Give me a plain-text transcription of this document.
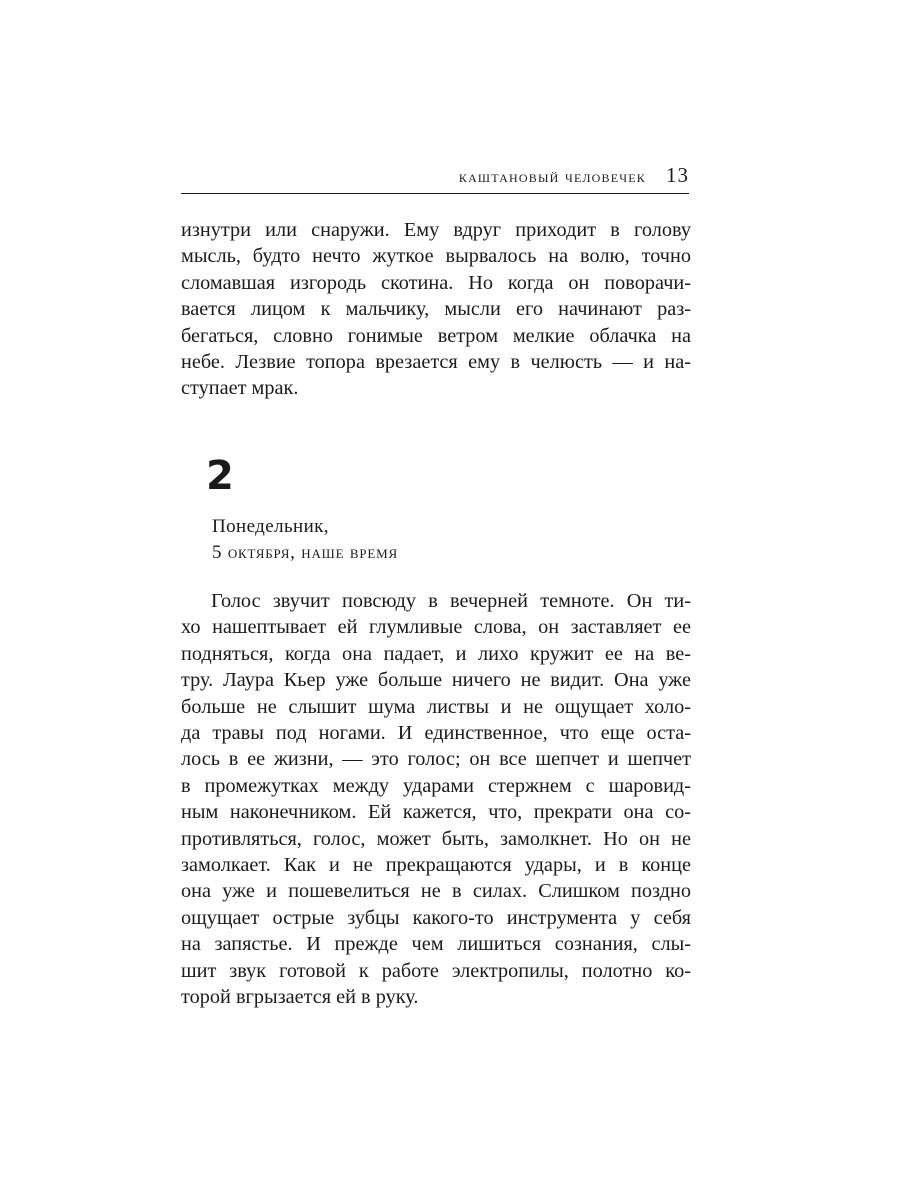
каштановый человечек 13
изнутри или снаружи. Ему вдруг приходит в голову
мысль, будто нечто жуткое вырвалось на волю, точно
сломавшая изгородь скотина. Но когда он поворачи-
вается лицом к мальчику, мысли его начинают раз-
бегаться, словно гонимые ветром мелкие облачка на
небе. Лезвие топора врезается ему в челюсть — и на-
ступает мрак.
2
Понедельник,
5 октября, наше время
Голос звучит повсюду в вечерней темноте. Он ти-
хо нашептывает ей глумливые слова, он заставляет ее
подняться, когда она падает, и лихо кружит ее на ве-
тру. Лаура Кьер уже больше ничего не видит. Она уже
больше не слышит шума листвы и не ощущает холо-
да травы под ногами. И единственное, что еще оста-
лось в ее жизни, — это голос; он все шепчет и шепчет
в промежутках между ударами стержнем с шаровид-
ным наконечником. Ей кажется, что, прекрати она со-
противляться, голос, может быть, замолкнет. Но он не
замолкает. Как и не прекращаются удары, и в конце
она уже и пошевелиться не в силах. Слишком поздно
ощущает острые зубцы какого-то инструмента у себя
на запястье. И прежде чем лишиться сознания, слы-
шит звук готовой к работе электропилы, полотно ко-
торой вгрызается ей в руку.
